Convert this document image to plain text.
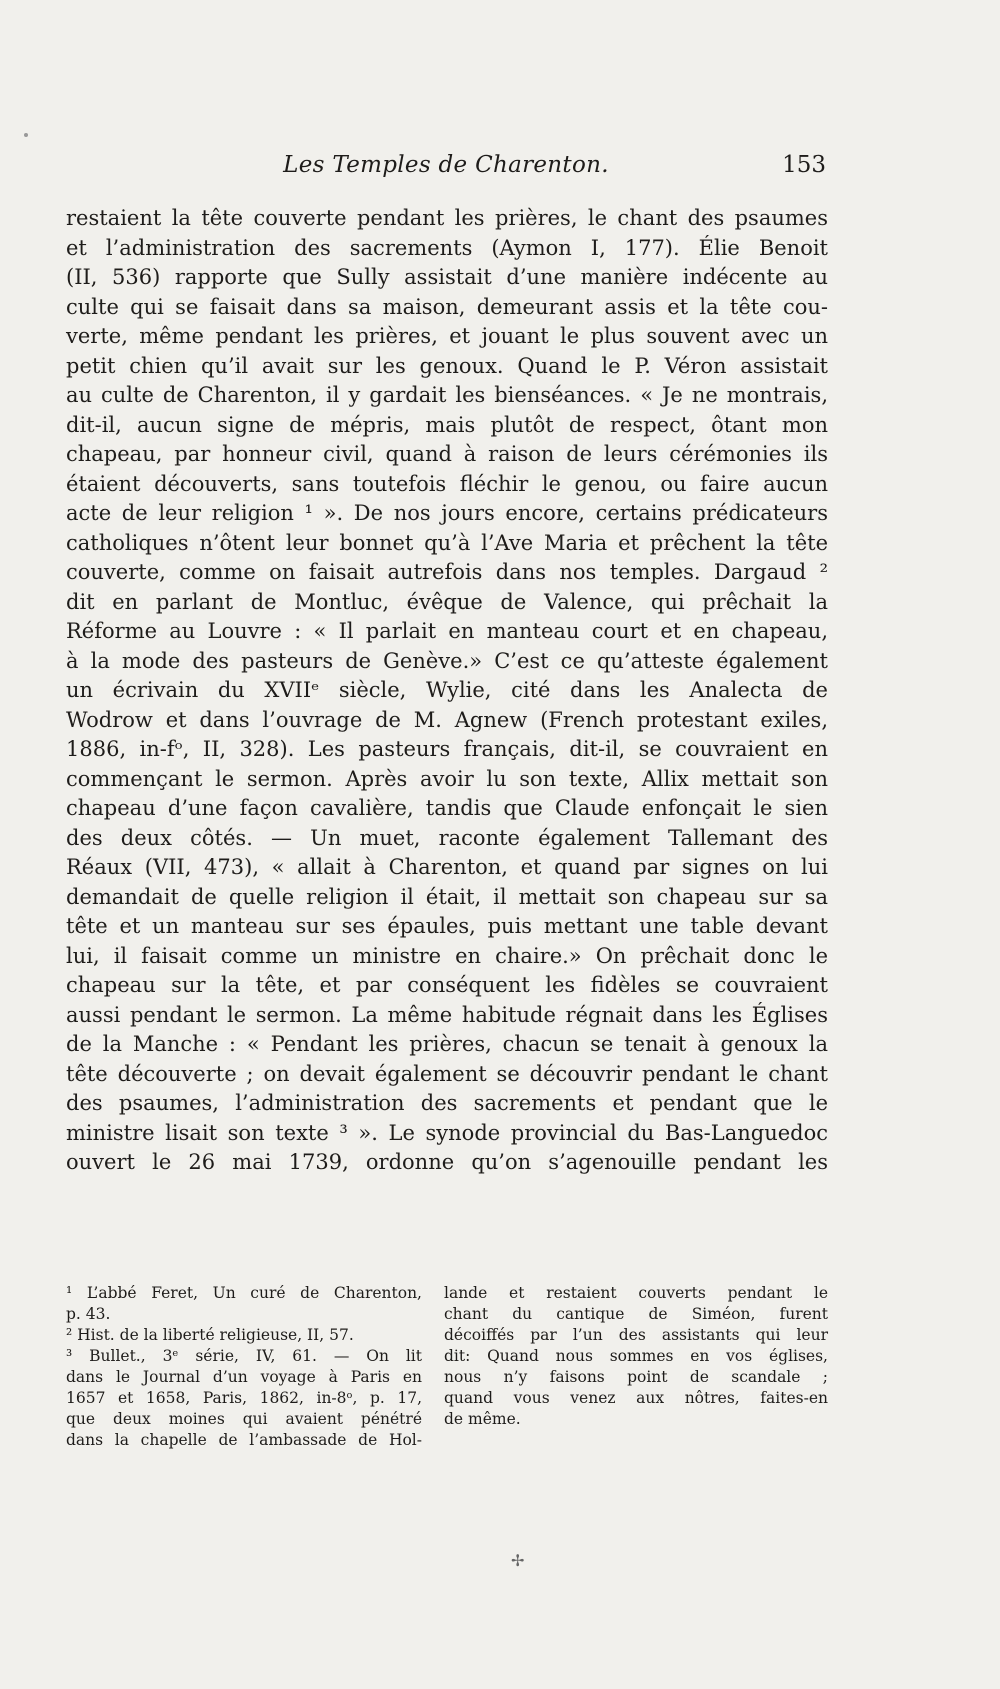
Les Temples de Charenton.	153
restaient la tête couverte pendant les prières, le chant des psaumes
et l’administration des sacrements (Aymon I, 177). Élie Benoit
(II, 536) rapporte que Sully assistait d’une manière indécente au
culte qui se faisait dans sa maison, demeurant assis et la tête cou-
verte, même pendant les prières, et jouant le plus souvent avec un
petit chien qu’il avait sur les genoux. Quand le P. Véron assistait
au culte de Charenton, il y gardait les bienséances. « Je ne montrais,
dit-il, aucun signe de mépris, mais plutôt de respect, ôtant mon
chapeau, par honneur civil, quand à raison de leurs cérémonies ils
étaient découverts, sans toutefois fléchir le genou, ou faire aucun
acte de leur religion ¹ ». De nos jours encore, certains prédicateurs
catholiques n’ôtent leur bonnet qu’à l’Ave Maria et prêchent la tête
couverte, comme on faisait autrefois dans nos temples. Dargaud ²
dit en parlant de Montluc, évêque de Valence, qui prêchait la
Réforme au Louvre : « Il parlait en manteau court et en chapeau,
à la mode des pasteurs de Genève.» C’est ce qu’atteste également
un écrivain du XVIIᵉ siècle, Wylie, cité dans les Analecta de
Wodrow et dans l’ouvrage de M. Agnew (French protestant exiles,
1886, in-fᵒ, II, 328). Les pasteurs français, dit-il, se couvraient en
commençant le sermon. Après avoir lu son texte, Allix mettait son
chapeau d’une façon cavalière, tandis que Claude enfonçait le sien
des deux côtés. — Un muet, raconte également Tallemant des
Réaux (VII, 473), « allait à Charenton, et quand par signes on lui
demandait de quelle religion il était, il mettait son chapeau sur sa
tête et un manteau sur ses épaules, puis mettant une table devant
lui, il faisait comme un ministre en chaire.» On prêchait donc le
chapeau sur la tête, et par conséquent les fidèles se couvraient
aussi pendant le sermon. La même habitude régnait dans les Églises
de la Manche : « Pendant les prières, chacun se tenait à genoux la
tête découverte ; on devait également se découvrir pendant le chant
des psaumes, l’administration des sacrements et pendant que le
ministre lisait son texte ³ ». Le synode provincial du Bas-Languedoc
ouvert le 26 mai 1739, ordonne qu’on s’agenouille pendant les
¹ L’abbé Feret, Un curé de Charenton,
p. 43.
² Hist. de la liberté religieuse, II, 57.
³ Bullet., 3ᵉ série, IV, 61. — On lit
dans le Journal d’un voyage à Paris en
1657 et 1658, Paris, 1862, in-8ᵒ, p. 17,
que deux moines qui avaient pénétré
dans la chapelle de l’ambassade de Hol-
lande et restaient couverts pendant le
chant du cantique de Siméon, furent
décoiffés par l’un des assistants qui leur
dit: Quand nous sommes en vos églises,
nous n’y faisons point de scandale ;
quand vous venez aux nôtres, faites-en
de même.
✢
